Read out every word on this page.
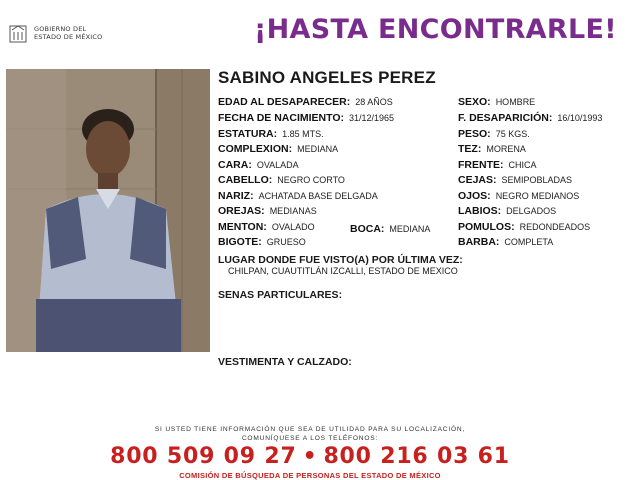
GOBIERNO DEL
ESTADO DE MÉXICO	¡HASTA ENCONTRARLE!
SABINO ANGELES PEREZ
EDAD AL DESAPARECER: 28 AÑOS
FECHA DE NACIMIENTO: 31/12/1965
ESTATURA: 1.85 MTS.
COMPLEXION: MEDIANA
CARA: OVALADA
CABELLO: NEGRO CORTO
NARIZ: ACHATADA BASE DELGADA
OREJAS: MEDIANAS
MENTON: OVALADO	BOCA: MEDIANA
BIGOTE: GRUESO
SEXO: HOMBRE
F. DESAPARICIÓN: 16/10/1993
PESO: 75 KGS.
TEZ: MORENA
FRENTE: CHICA
CEJAS: SEMIPOBLADAS
OJOS: NEGRO MEDIANOS
LABIOS: DELGADOS
POMULOS: REDONDEADOS
BARBA: COMPLETA
LUGAR DONDE FUE VISTO(A) POR ÚLTIMA VEZ:
CHILPAN, CUAUTITLÁN IZCALLI, ESTADO DE MEXICO
SENAS PARTICULARES:
VESTIMENTA Y CALZADO:
SI USTED TIENE INFORMACIÓN QUE SEA DE UTILIDAD PARA SU LOCALIZACIÓN,
COMUNÍQUESE A LOS TELÉFONOS:
800 509 09 27 • 800 216 03 61
COMISIÓN DE BÚSQUEDA DE PERSONAS DEL ESTADO DE MÉXICO
